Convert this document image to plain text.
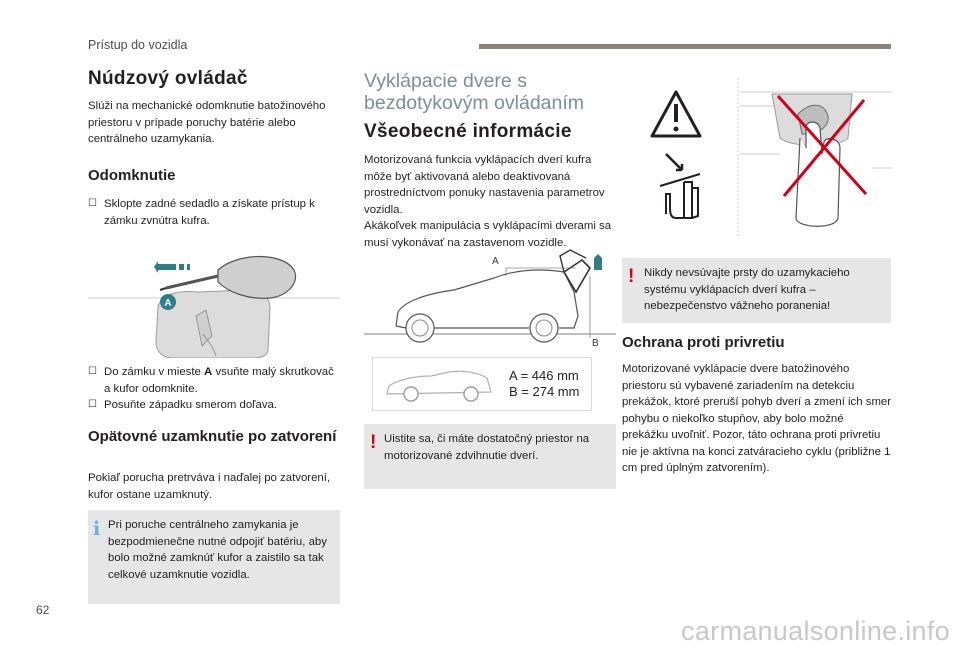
Prístup do vozidla
Núdzový ovládač
Slúži na mechanické odomknutie batožinového priestoru v prípade poruchy batérie alebo centrálneho uzamykania.
Odomknutie
☐ Sklopte zadné sedadlo a získate prístup k zámku zvnútra kufra.
A
☐ Do zámku v mieste A vsuňte malý skrutkovač a kufor odomknite.
☐ Posuňte západku smerom doľava.
Opätovné uzamknutie po zatvorení
Pokiaľ porucha pretrváva i naďalej po zatvorení, kufor ostane uzamknutý.
i Pri poruche centrálneho zamykania je bezpodmienečne nutné odpojiť batériu, aby bolo možné zamknúť kufor a zaistilo sa tak celkové uzamknutie vozidla.
Vyklápacie dvere s
bezdotykovým ovládaním
Všeobecné informácie
Motorizovaná funkcia vyklápacích dverí kufra môže byť aktivovaná alebo deaktivovaná prostredníctvom ponuky nastavenia parametrov vozidla.
Akákoľvek manipulácia s vyklápacími dverami sa musí vykonávať na zastavenom vozidle.
A
B
A = 446 mm
B = 274 mm
! Uistite sa, či máte dostatočný priestor na motorizované zdvihnutie dverí.
! Nikdy nevsúvajte prsty do uzamykacieho systému vyklápacích dverí kufra – nebezpečenstvo vážneho poranenia!
Ochrana proti privretiu
Motorizované vyklápacie dvere batožinového priestoru sú vybavené zariadením na detekciu prekážok, ktoré preruší pohyb dverí a zmení ich smer pohybu o niekoľko stupňov, aby bolo možné prekážku uvoľniť. Pozor, táto ochrana proti privretiu nie je aktívna na konci zatváracieho cyklu (približne 1 cm pred úplným zatvorením).
62
carmanualsonline.info
